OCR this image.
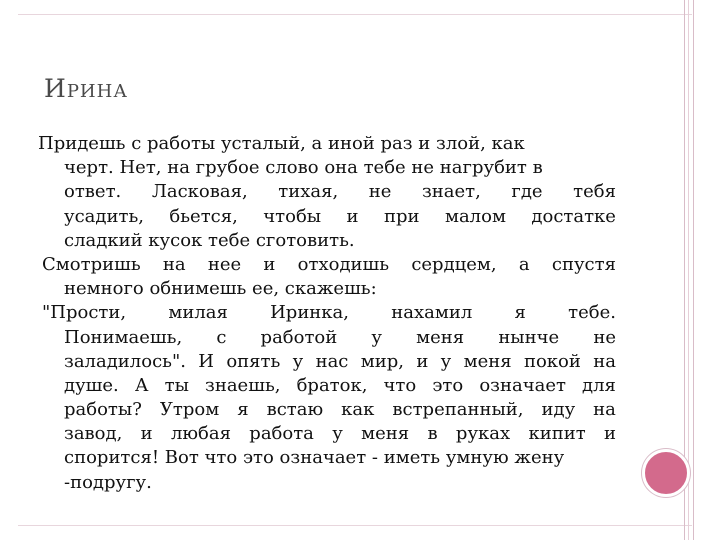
ИРИНА
Придешь с работы усталый, а иной раз и злой, как
черт. Нет, на грубое слово она тебе не нагрубит в
ответ. Ласковая, тихая, не знает, где тебя
усадить, бьется, чтобы и при малом достатке
сладкий кусок тебе сготовить.
Смотришь на нее и отходишь сердцем, а спустя
немного обнимешь ее, скажешь:
"Прости, милая Иринка, нахамил я тебе.
Понимаешь, с работой у меня нынче не
заладилось". И опять у нас мир, и у меня покой на
душе. А ты знаешь, браток, что это означает для
работы? Утром я встаю как встрепанный, иду на
завод, и любая работа у меня в руках кипит и
спорится! Вот что это означает - иметь умную жену
-подругу.
